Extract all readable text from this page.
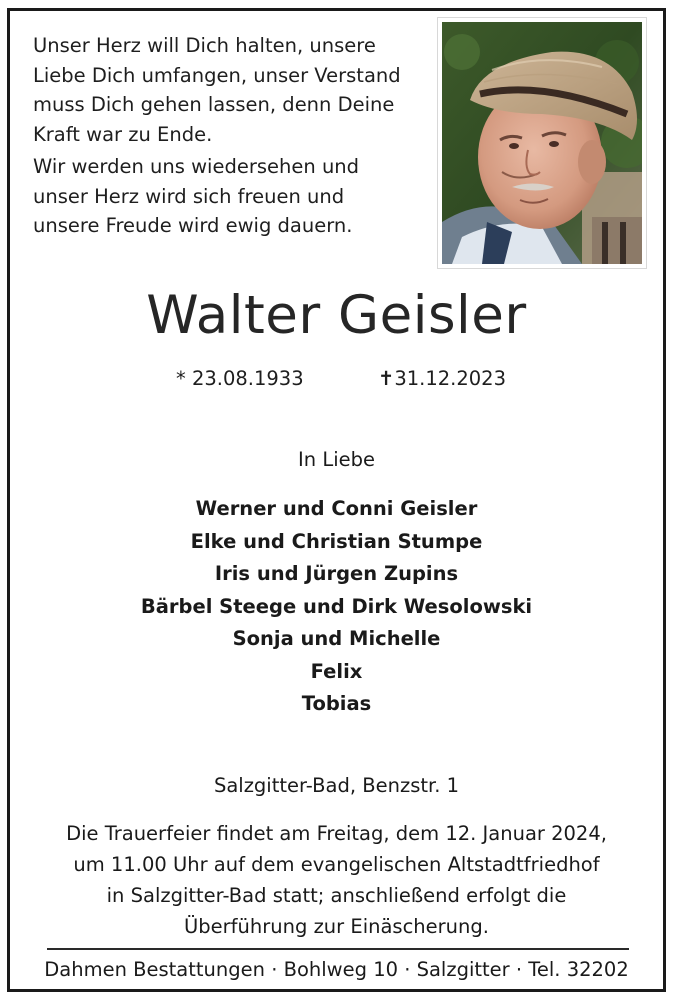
Unser Herz will Dich halten, unsere
Liebe Dich umfangen, unser Verstand
muss Dich gehen lassen, denn Deine
Kraft war zu Ende.

Wir werden uns wiedersehen und
unser Herz wird sich freuen und
unsere Freude wird ewig dauern.

Walter Geisler
* 23.08.1933	✝31.12.2023
In Liebe
Werner und Conni Geisler
Elke und Christian Stumpe
Iris und Jürgen Zupins
Bärbel Steege und Dirk Wesolowski
Sonja und Michelle
Felix
Tobias
Salzgitter-Bad, Benzstr. 1
Die Trauerfeier findet am Freitag, dem 12. Januar 2024,
um 11.00 Uhr auf dem evangelischen Altstadtfriedhof
in Salzgitter-Bad statt; anschließend erfolgt die
Überführung zur Einäscherung.
Dahmen Bestattungen · Bohlweg 10 · Salzgitter · Tel. 32202
